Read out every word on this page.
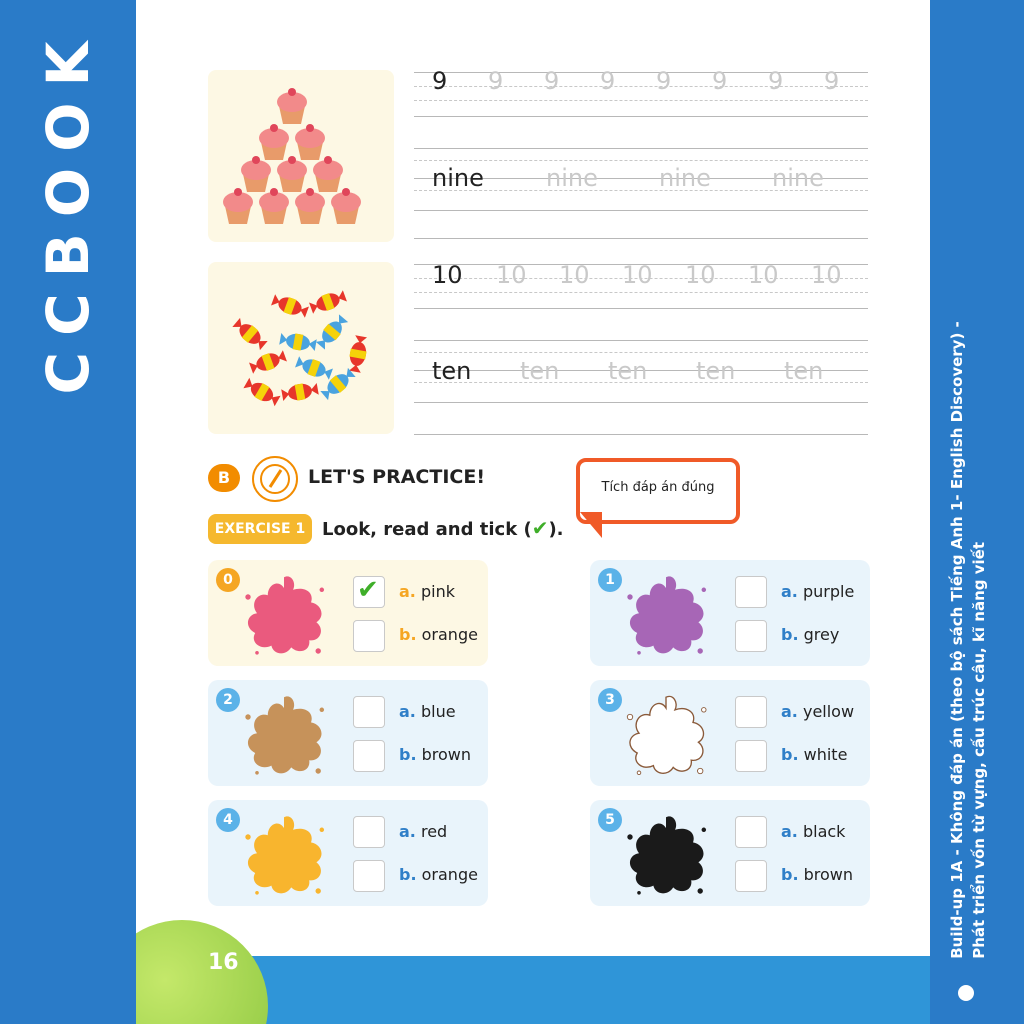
CCBOOK
Build-up 1A - Không đáp án (theo bộ sách Tiếng Anh 1- English Discovery) - Phát triển vốn từ vựng, cấu trúc câu, kĩ năng viết
9 9 9 9 9 9 9 9
nine	nine	nine	nine
10 10 10 10 10 10 10
ten ten ten ten ten
B	LET'S PRACTICE!	Tích đáp án đúng
EXERCISE 1 Look, read and tick (✔).
0	✔ a. pink
b. orange
1
a. purple
b. grey
2
a. blue
b. brown
3
a. yellow
b. white
4
a. red
b. orange
5
a. black
b. brown
16
